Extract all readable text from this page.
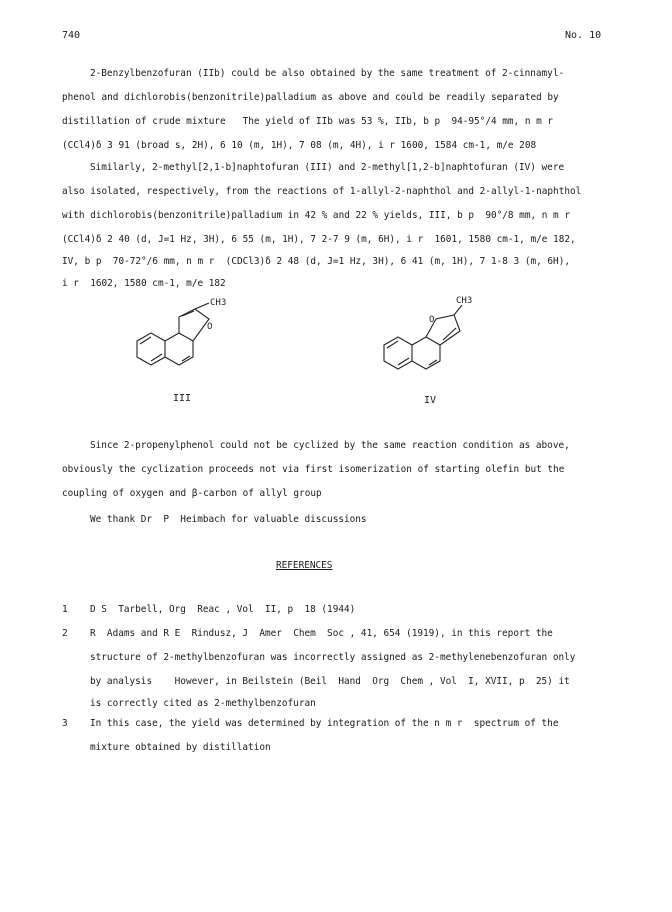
740	No. 10
2-Benzylbenzofuran (IIb) could be also obtained by the same treatment of 2-cinnamyl-
phenol and dichlorobis(benzonitrile)palladium as above and could be readily separated by
distillation of crude mixture   The yield of IIb was 53 %, IIb, b p  94-95°/4 mm, n m r
(CCl4)δ 3 91 (broad s, 2H), 6 10 (m, 1H), 7 08 (m, 4H), i r 1600, 1584 cm-1, m/e 208
Similarly, 2-methyl[2,1-b]naphtofuran (III) and 2-methyl[1,2-b]naphtofuran (IV) were
also isolated, respectively, from the reactions of 1-allyl-2-naphthol and 2-allyl-1-naphthol
with dichlorobis(benzonitrile)palladium in 42 % and 22 % yields, III, b p  90°/8 mm, n m r
(CCl4)δ 2 40 (d, J=1 Hz, 3H), 6 55 (m, 1H), 7 2-7 9 (m, 6H), i r  1601, 1580 cm-1, m/e 182,
IV, b p  70-72°/6 mm, n m r  (CDCl3)δ 2 48 (d, J=1 Hz, 3H), 6 41 (m, 1H), 7 1-8 3 (m, 6H),
i r  1602, 1580 cm-1, m/e 182
CH3
O
III
CH3
O
IV
Since 2-propenylphenol could not be cyclized by the same reaction condition as above,
obviously the cyclization proceeds not via first isomerization of starting olefin but the
coupling of oxygen and β-carbon of allyl group
We thank Dr  P  Heimbach for valuable discussions
REFERENCES
1 D S  Tarbell, Org  Reac , Vol  II, p  18 (1944)
2 R  Adams and R E  Rindusz, J  Amer  Chem  Soc , 41, 654 (1919), in this report the
structure of 2-methylbenzofuran was incorrectly assigned as 2-methylenebenzofuran only
by analysis    However, in Beilstein (Beil  Hand  Org  Chem , Vol  I, XVII, p  25) it
is correctly cited as 2-methylbenzofuran
3 In this case, the yield was determined by integration of the n m r  spectrum of the
mixture obtained by distillation
